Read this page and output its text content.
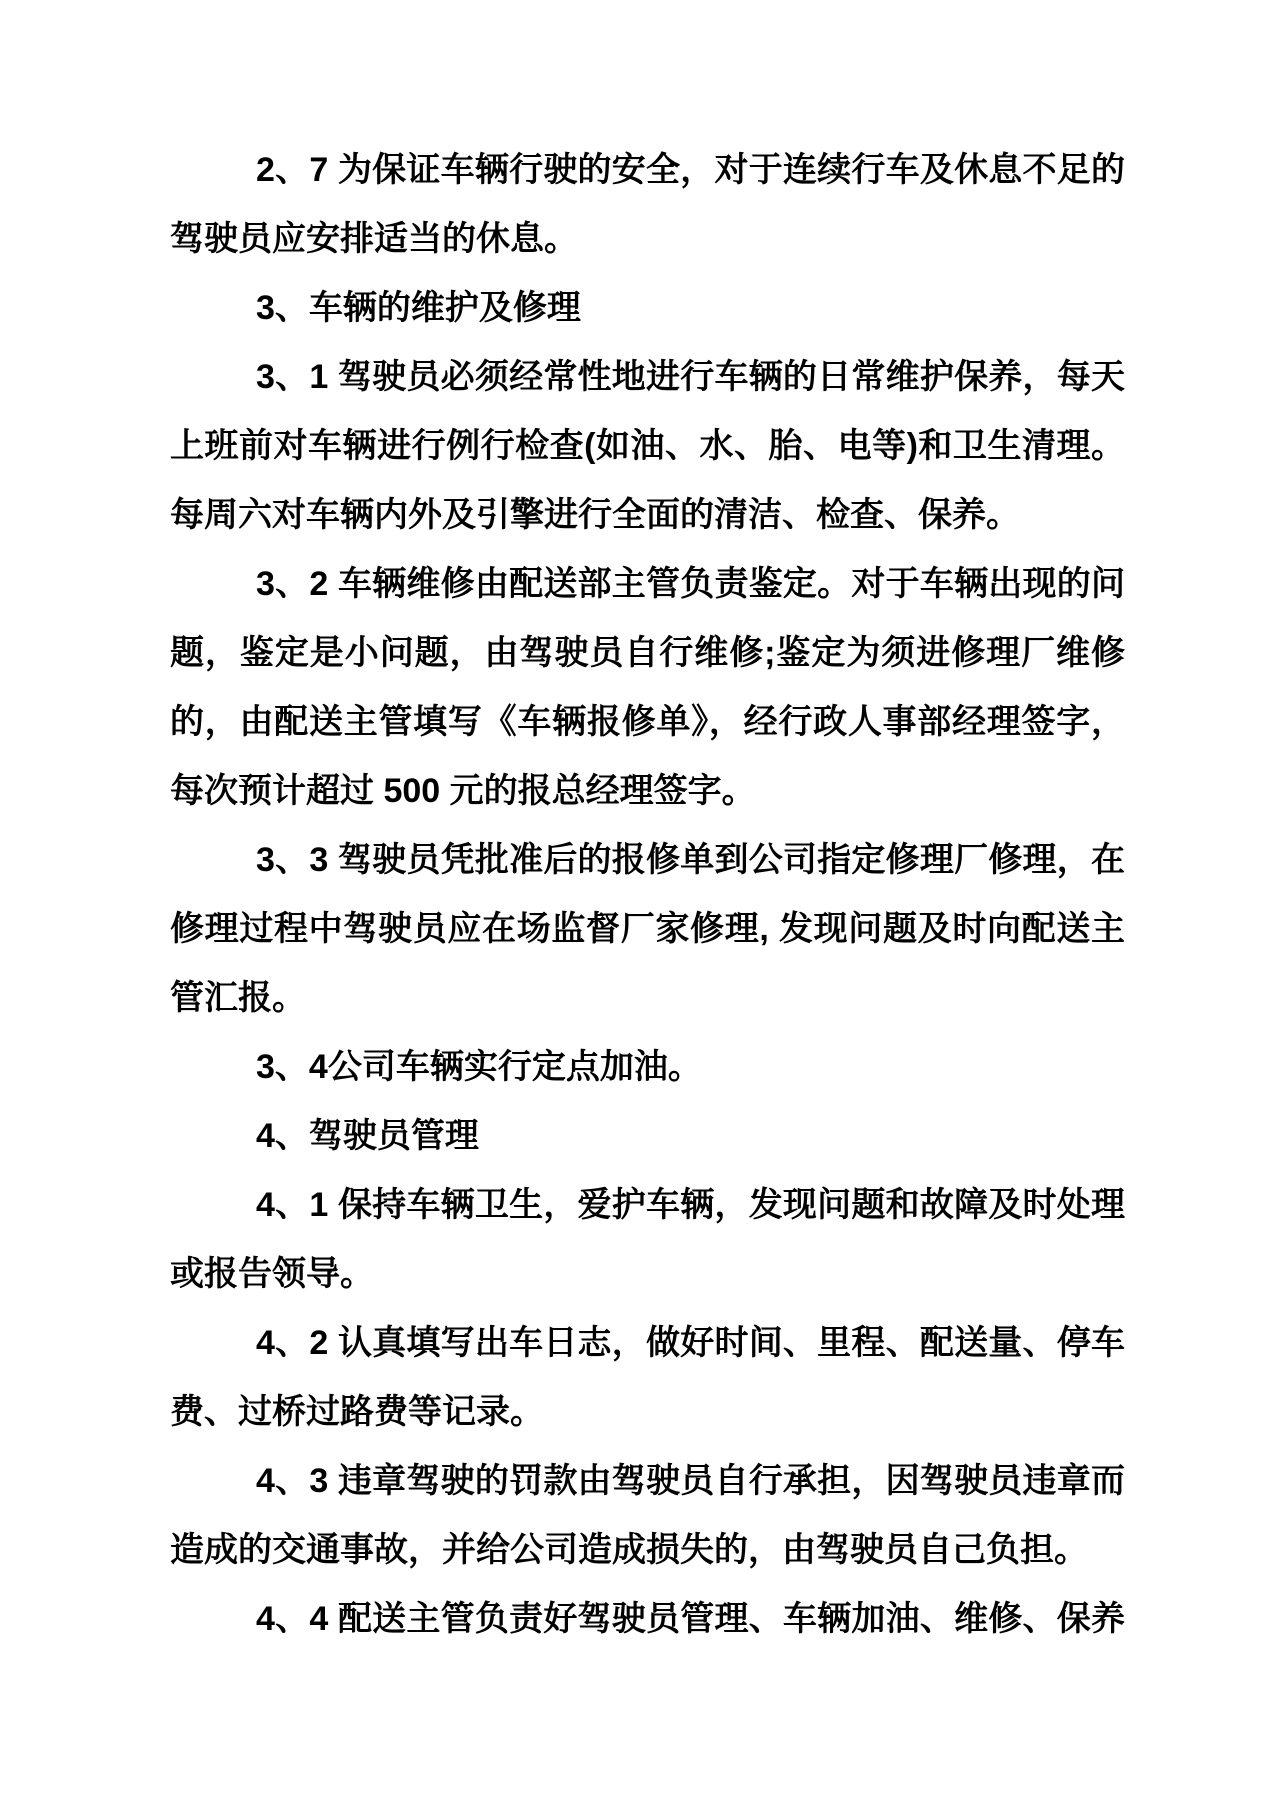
2、7 为保证车辆行驶的安全，对于连续行车及休息不足的
驾驶员应安排适当的休息。
3、车辆的维护及修理
3、1 驾驶员必须经常性地进行车辆的日常维护保养，每天
上班前对车辆进行例行检查(如油、水、胎、电等)和卫生清理。
每周六对车辆内外及引擎进行全面的清洁、检查、保养。
3、2 车辆维修由配送部主管负责鉴定。对于车辆出现的问
题，鉴定是小问题，由驾驶员自行维修;鉴定为须进修理厂维修
的，由配送主管填写《车辆报修单》，经行政人事部经理签字，
每次预计超过 500 元的报总经理签字。
3、3 驾驶员凭批准后的报修单到公司指定修理厂修理，在
修理过程中驾驶员应在场监督厂家修理, 发现问题及时向配送主
管汇报。
3、4公司车辆实行定点加油。
4、驾驶员管理
4、1 保持车辆卫生，爱护车辆，发现问题和故障及时处理
或报告领导。
4、2 认真填写出车日志，做好时间、里程、配送量、停车
费、过桥过路费等记录。
4、3 违章驾驶的罚款由驾驶员自行承担，因驾驶员违章而
造成的交通事故，并给公司造成损失的，由驾驶员自己负担。
4、4 配送主管负责好驾驶员管理、车辆加油、维修、保养
